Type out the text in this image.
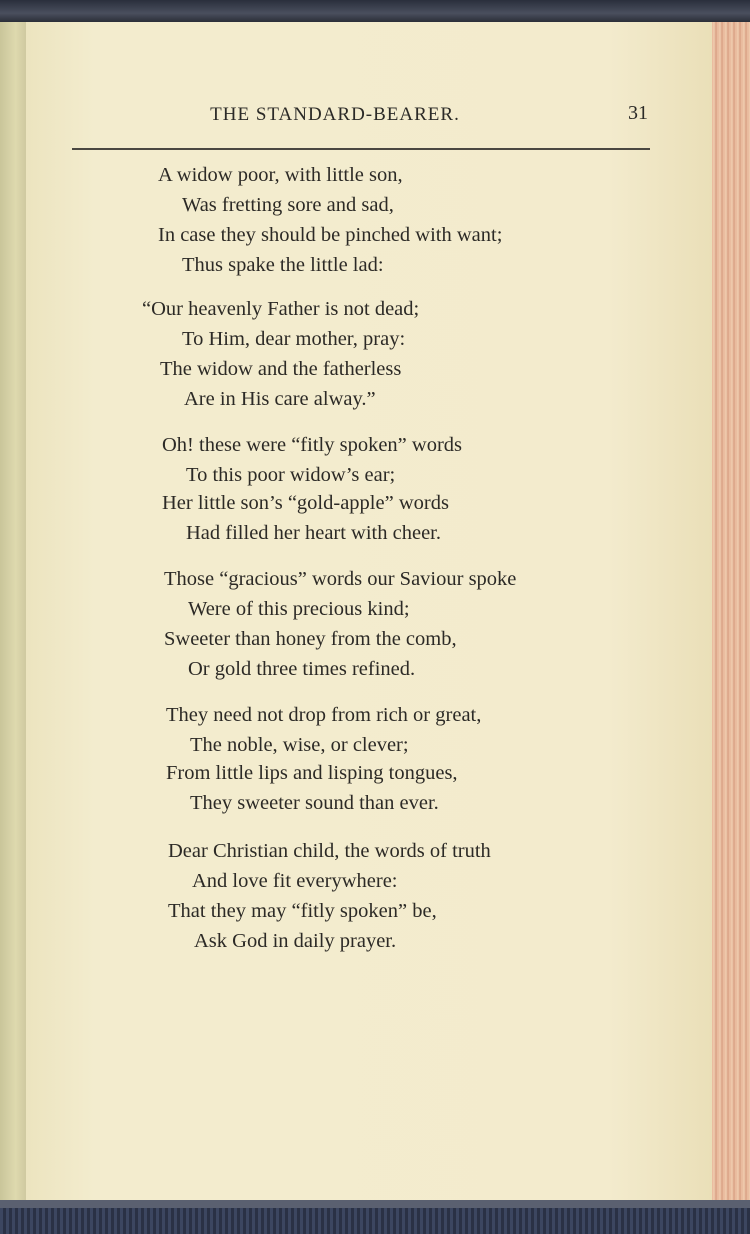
THE STANDARD-BEARER.	31
A widow poor, with little son,
Was fretting sore and sad,
In case they should be pinched with want;
Thus spake the little lad:
“Our heavenly Father is not dead;
To Him, dear mother, pray:
The widow and the fatherless
Are in His care alway.”
Oh! these were “fitly spoken” words
To this poor widow’s ear;
Her little son’s “gold-apple” words
Had filled her heart with cheer.
Those “gracious” words our Saviour spoke
Were of this precious kind;
Sweeter than honey from the comb,
Or gold three times refined.
They need not drop from rich or great,
The noble, wise, or clever;
From little lips and lisping tongues,
They sweeter sound than ever.
Dear Christian child, the words of truth
And love fit everywhere:
That they may “fitly spoken” be,
Ask God in daily prayer.
